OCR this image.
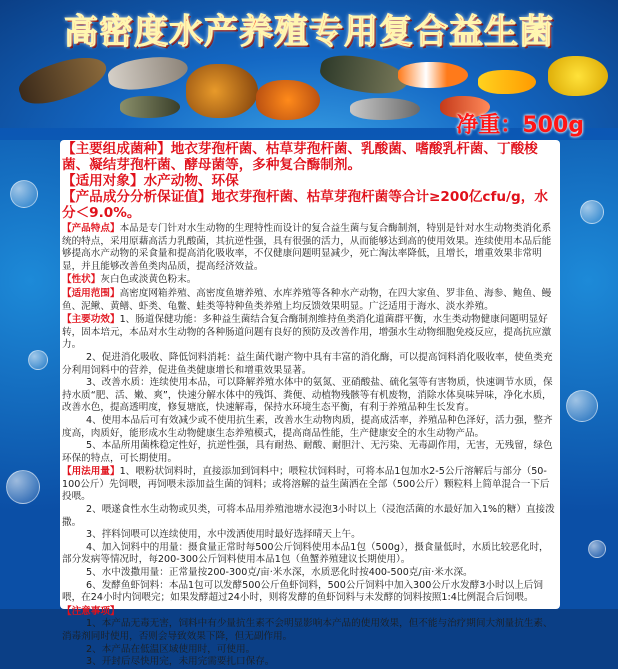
高密度水产养殖专用复合益生菌
净重：500g
【主要组成菌种】地衣芽孢杆菌、枯草芽孢杆菌、乳酸菌、嗜酸乳杆菌、丁酸梭菌、凝结芽孢杆菌、酵母菌等，多种复合酶制剂。
【适用对象】水产动物、环保
【产品成分分析保证值】地衣芽孢杆菌、枯草芽孢杆菌等合计≥200亿cfu/g，水分＜9.0%。
【产品特点】本品是专门针对水生动物的生理特性而设计的复合益生菌与复合酶制剂，特别是针对水生动物类消化系统的特点，采用原藉高活力乳酸菌，其抗逆性强，具有很强的活力，从而能够达到高的使用效果。连续使用本品后能够提高水产动物的采食量和提高消化吸收率，不仅健康问题明显减少，死亡淘汰率降低，且增长，增重效果非常明显，并且能够改善鱼类肉品质，提高经济效益。
【性状】灰白色或淡黄色粉末。
【适用范围】高密度网箱养殖、高密度鱼塘养殖、水库养殖等各种水产动物，在四大家鱼、罗非鱼、海参、鲍鱼、鳗鱼、泥鳅、黄鳝、虾类、龟鳖、蛙类等特种鱼类养殖上均反馈效果明显。广泛适用于海水、淡水养殖。
【主要功效】1、肠道保健功能：多种益生菌结合复合酶制剂维持鱼类消化道菌群平衡，水生类动物健康问题明显好转，固本培元，本品对水生动物的各种肠道问题有良好的预防及改善作用，增强水生动物细胞免疫反应，提高抗应激力。
2、促进消化吸收、降低饲料消耗：益生菌代谢产物中具有丰富的消化酶，可以提高饲料消化吸收率，使鱼类充分利用饲料中的营养，促进鱼类健康增长和增重效果显著。
3、改善水质：连续使用本品，可以降解养殖水体中的氨氮、亚硝酸盐、硫化氢等有害物质，快速调节水质，保持水质“肥、活、嫩、爽”，快速分解水体中的残饵、粪便、动植物残骸等有机废物，消除水体臭味异味，净化水质，改善水色，提高透明度，修复塘底，快速解毒，保持水环境生态平衡，有利于养殖品种生长发育。
4、使用本品后可有效减少或不使用抗生素，改善水生动物肉质，提高成活率，养殖品种色泽好，活力强，整齐度高，肉质好，能形成水生动物健康生态养殖模式，提高商品性能，生产健康安全的水生动物产品。
5、本品所用菌株稳定性好，抗逆性强，具有耐热、耐酸、耐胆汁、无污染、无毒副作用，无害，无残留，绿色环保的特点，可长期使用。
【用法用量】1、喂粉状饲料时，直接添加到饲料中；喂粒状饲料时，可将本品1包加水2-5公斤溶解后与部分（50-100公斤）先饲喂，再饲喂未添加益生菌的饲料；或将溶解的益生菌洒在全部（500公斤）颗粒料上简单混合一下后投喂。
2、喂遂食性水生动物或贝类，可将本品用养殖池塘水浸泡3小时以上（浸泡活菌的水最好加入1%的糖）直接泼撒。
3、拌料饲喂可以连续使用，水中泼洒使用时最好选择晴天上午。
4、加入饲料中的用量：摄食量正常时每500公斤饲料使用本品1包（500g），摄食量低时，水质比较恶化时，部分发病等情况时，每200-300公斤饲料使用本品1包（鱼蟹养殖建议长期使用）。
5、水中泼撒用量：正常量按200-300克/亩·米水深，水质恶化时按400-500克/亩·米水深。
6、发酵鱼虾饲料：本品1包可以发酵500公斤鱼虾饲料，500公斤饲料中加入300公斤水发酵3小时以上后饲喂，在24小时内饲喂完；如果发酵超过24小时，则将发酵的鱼虾饲料与未发酵的饲料按照1:4比例混合后饲喂。
【注意事项】
1、本产品无毒无害，饲料中有少量抗生素不会明显影响本产品的使用效果，但不能与治疗期间大剂量抗生素、消毒剂同时使用，否则会导致效果下降，但无副作用。
2、本产品在低温区域使用时，可使用。
3、开封后尽快用完，未用完需要扎口保存。
